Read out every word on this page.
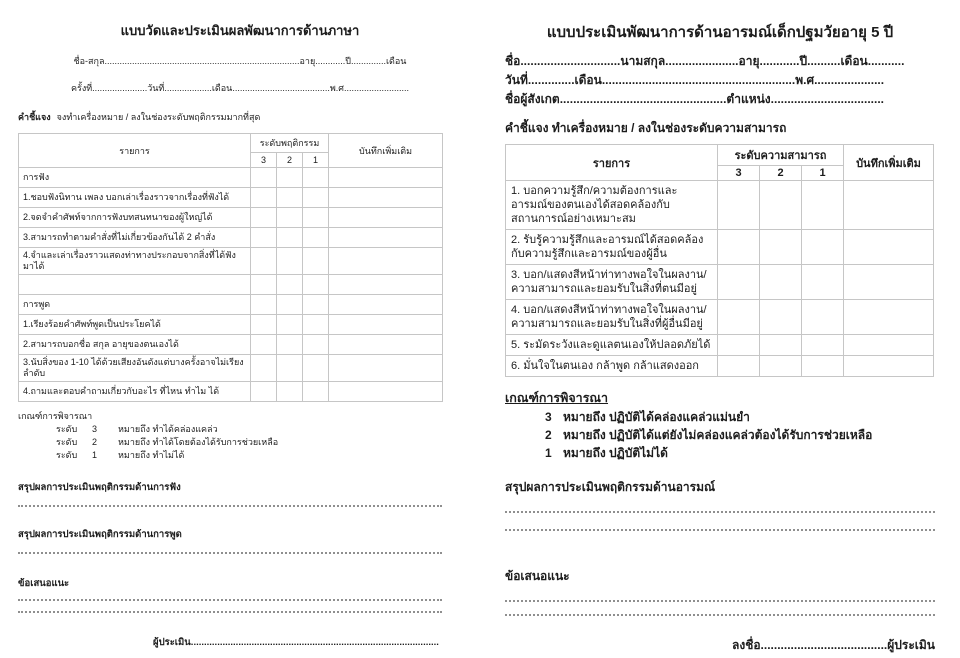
แบบวัดและประเมินผลพัฒนาการด้านภาษา
ชื่อ-สกุล..............................................................................อายุ............ปี..............เดือน
ครั้งที่......................วันที่...................เดือน.......................................พ.ศ..........................
คำชี้แจง จงทำเครื่องหมาย / ลงในช่องระดับพฤติกรรมมากที่สุด
รายการ	ระดับพฤติกรรม			บันทึกเพิ่มเติม
	3	2	1	
การฟัง				
1.ชอบฟังนิทาน เพลง บอกเล่าเรื่องราวจากเรื่องที่ฟังได้				
2.จดจำคำศัพท์จากการฟังบทสนทนาของผู้ใหญ่ได้				
3.สามารถทำตามคำสั่งที่ไม่เกี่ยวข้องกันได้ 2 คำสั่ง				
4.จำและเล่าเรื่องราวแสดงท่าทางประกอบจากสิ่งที่ได้ฟังมาได้				

การพูด				
1.เรียงร้อยคำศัพท์พูดเป็นประโยคได้				
2.สามารถบอกชื่อ สกุล อายุของตนเองได้				
3.นับสิ่งของ 1-10 ได้ด้วยเสียงอันดังแต่บางครั้งอาจไม่เรียงลำดับ				
4.ถามและตอบคำถามเกี่ยวกับอะไร ที่ไหน ทำไม ได้				
เกณฑ์การพิจารณา
ระดับ	3	หมายถึง ทำได้คล่องแคล่ว
ระดับ	2	หมายถึง ทำได้โดยต้องได้รับการช่วยเหลือ
ระดับ	1	หมายถึง ทำไม่ได้
สรุปผลการประเมินพฤติกรรมด้านการฟัง
สรุปผลการประเมินพฤติกรรมด้านการพูด
ข้อเสนอแนะ
ผู้ประเมิน..............................................................................................
แบบประเมินพัฒนาการด้านอารมณ์เด็กปฐมวัยอายุ 5 ปี
ชื่อ..............................นามสกุล......................อายุ............ปี..........เดือน...........
วันที่..............เดือน..........................................................พ.ศ.....................
ชื่อผู้สังเกต..................................................ตำแหน่ง..................................
คำชี้แจง ทำเครื่องหมาย / ลงในช่องระดับความสามารถ
รายการ	ระดับความสามารถ			บันทึกเพิ่มเติม
	3	2	1	
1. บอกความรู้สึก/ความต้องการและอารมณ์ของตนเองได้สอดคล้องกับสถานการณ์อย่างเหมาะสม				
2. รับรู้ความรู้สึกและอารมณ์ได้สอดคล้องกับความรู้สึกและอารมณ์ของผู้อื่น				
3. บอก/แสดงสีหน้าท่าทางพอใจในผลงาน/ความสามารถและยอมรับในสิ่งที่ตนมีอยู่				
4. บอก/แสดงสีหน้าท่าทางพอใจในผลงาน/ความสามารถและยอมรับในสิ่งที่ผู้อื่นมีอยู่				
5. ระมัดระวังและดูแลตนเองให้ปลอดภัยได้				
6. มั่นใจในตนเอง กล้าพูด กล้าแสดงออก				
เกณฑ์การพิจารณา
3 หมายถึง ปฏิบัติได้คล่องแคล่วแม่นยำ
2 หมายถึง ปฏิบัติได้แต่ยังไม่คล่องแคล่วต้องได้รับการช่วยเหลือ
1 หมายถึง ปฏิบัติไม่ได้
สรุปผลการประเมินพฤติกรรมด้านอารมณ์
ข้อเสนอแนะ
ลงชื่อ......................................ผู้ประเมิน
